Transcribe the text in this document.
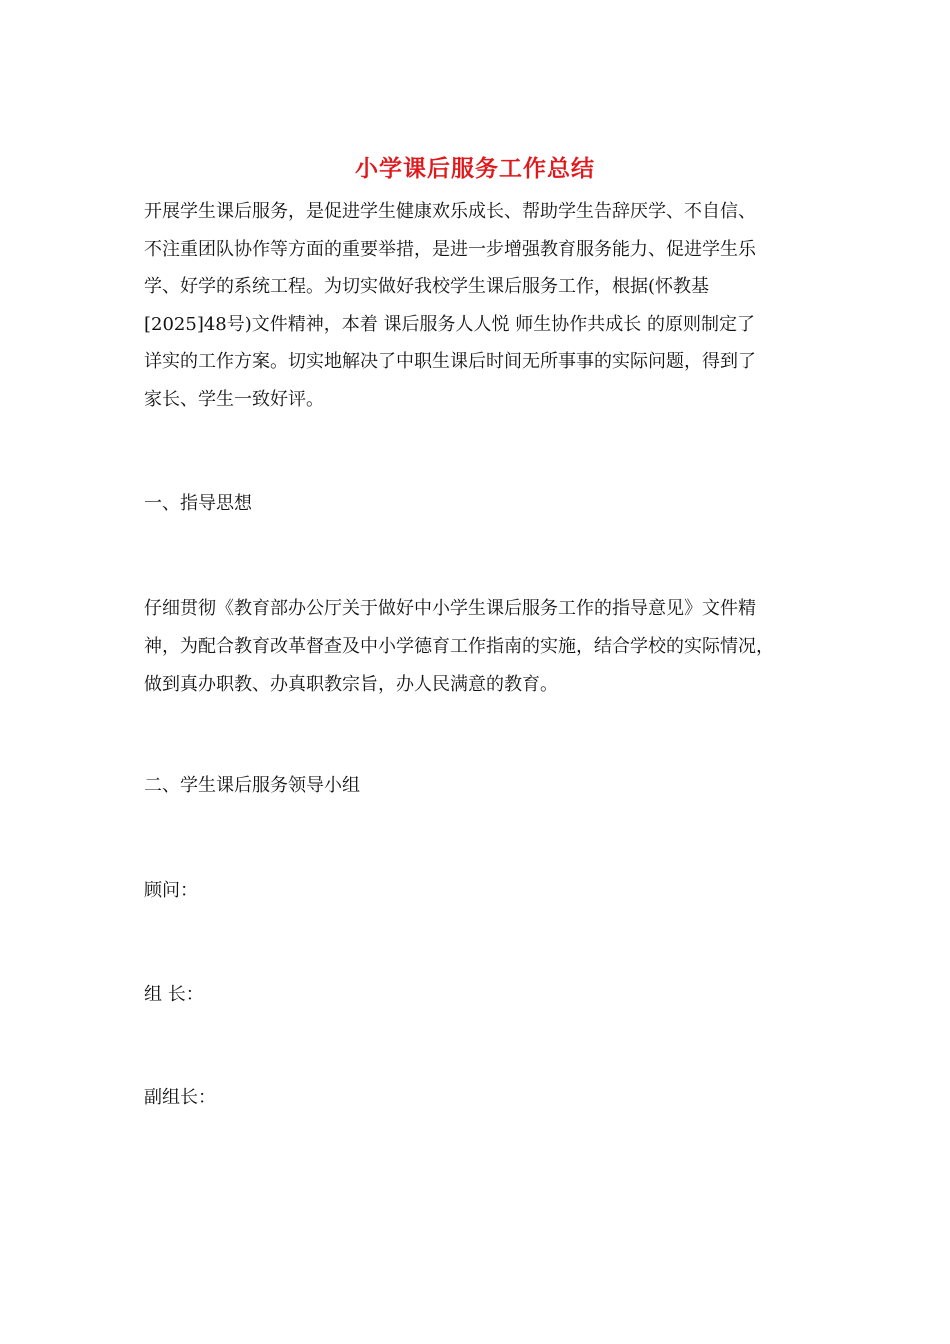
小学课后服务工作总结

开展学生课后服务，是促进学生健康欢乐成长、帮助学生告辞厌学、不自信、
不注重团队协作等方面的重要举措，是进一步增强教育服务能力、促进学生乐
学、好学的系统工程。为切实做好我校学生课后服务工作，根据(怀教基
[2025]48号)文件精神，本着 课后服务人人悦 师生协作共成长 的原则制定了
详实的工作方案。切实地解决了中职生课后时间无所事事的实际问题，得到了
家长、学生一致好评。

一、指导思想

仔细贯彻《教育部办公厅关于做好中小学生课后服务工作的指导意见》文件精
神，为配合教育改革督查及中小学德育工作指南的实施，结合学校的实际情况，
做到真办职教、办真职教宗旨，办人民满意的教育。

二、学生课后服务领导小组

顾问：

组 长：

副组长：
